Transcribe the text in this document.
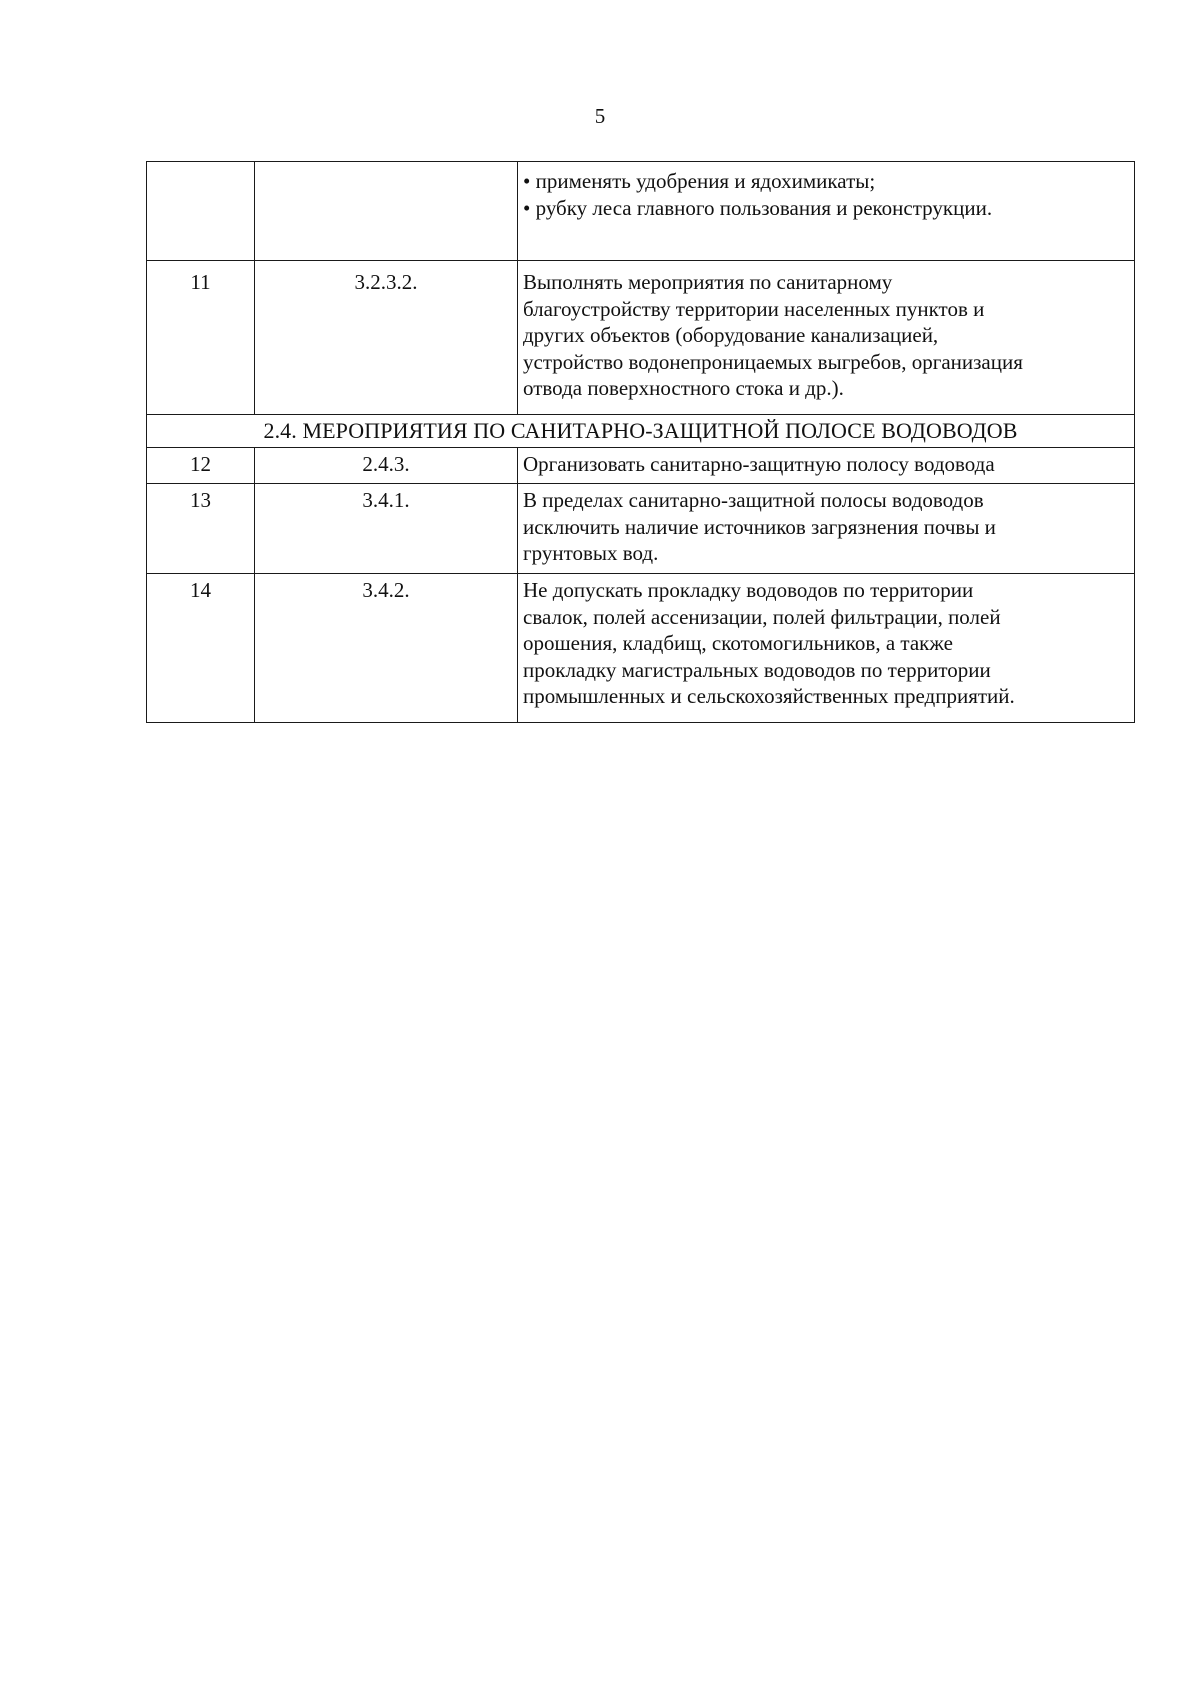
5

		• применять удобрения и ядохимикаты;
• рубку леса главного пользования и реконструкции.

11	3.2.3.2.	Выполнять мероприятия по санитарному
благоустройству территории населенных пунктов и
других объектов (оборудование канализацией,
устройство водонепроницаемых выгребов, организация
отвода поверхностного стока и др.).

2.4. МЕРОПРИЯТИЯ ПО САНИТАРНО-ЗАЩИТНОЙ ПОЛОСЕ ВОДОВОДОВ		
12	2.4.3.	Организовать санитарно-защитную полосу водовода

13	3.4.1.	В пределах санитарно-защитной полосы водоводов
исключить наличие источников загрязнения почвы и
грунтовых вод.

14	3.4.2.	Не допускать прокладку водоводов по территории
свалок, полей ассенизации, полей фильтрации, полей
орошения, кладбищ, скотомогильников, а также
прокладку магистральных водоводов по территории
промышленных и сельскохозяйственных предприятий.
